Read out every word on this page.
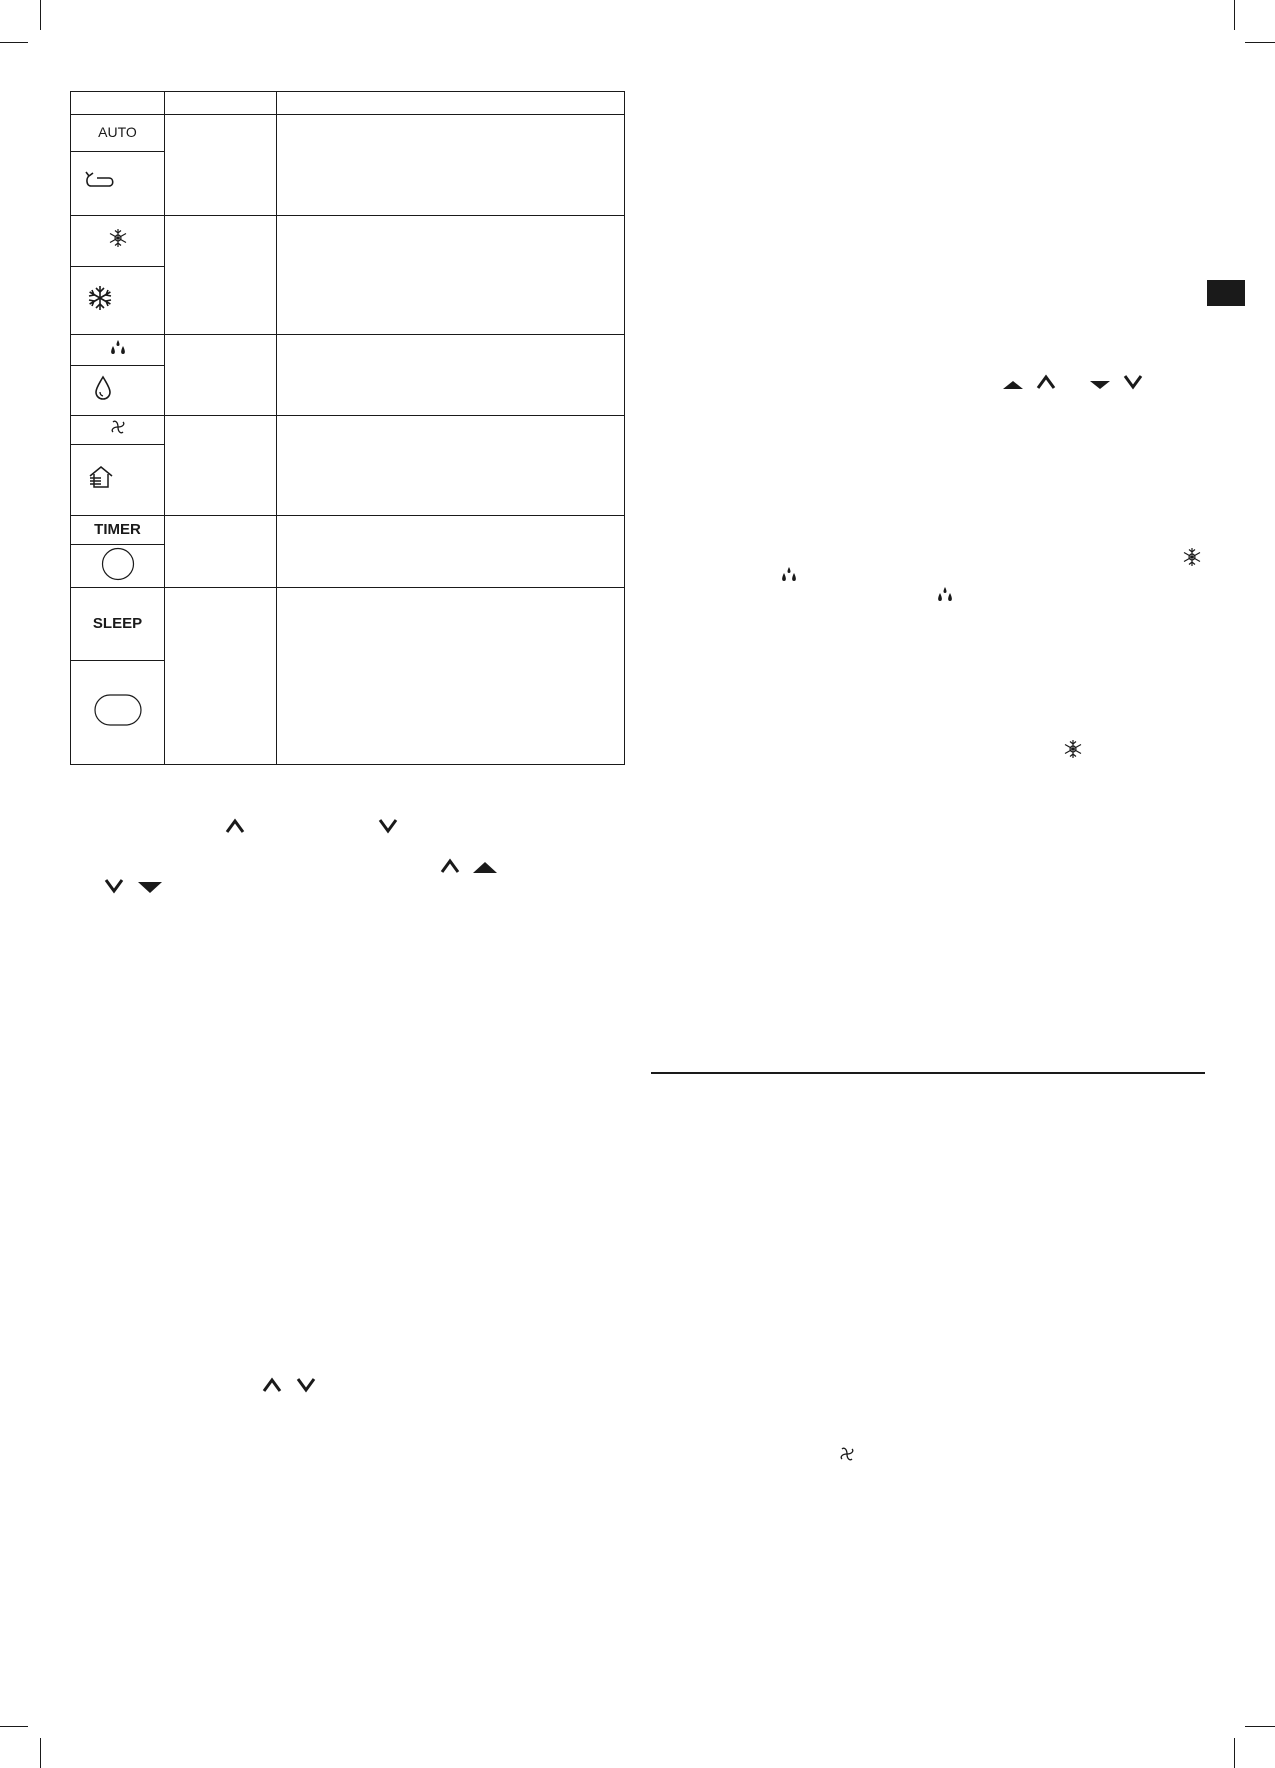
AUTO		

TIMER		

SLEEP		
